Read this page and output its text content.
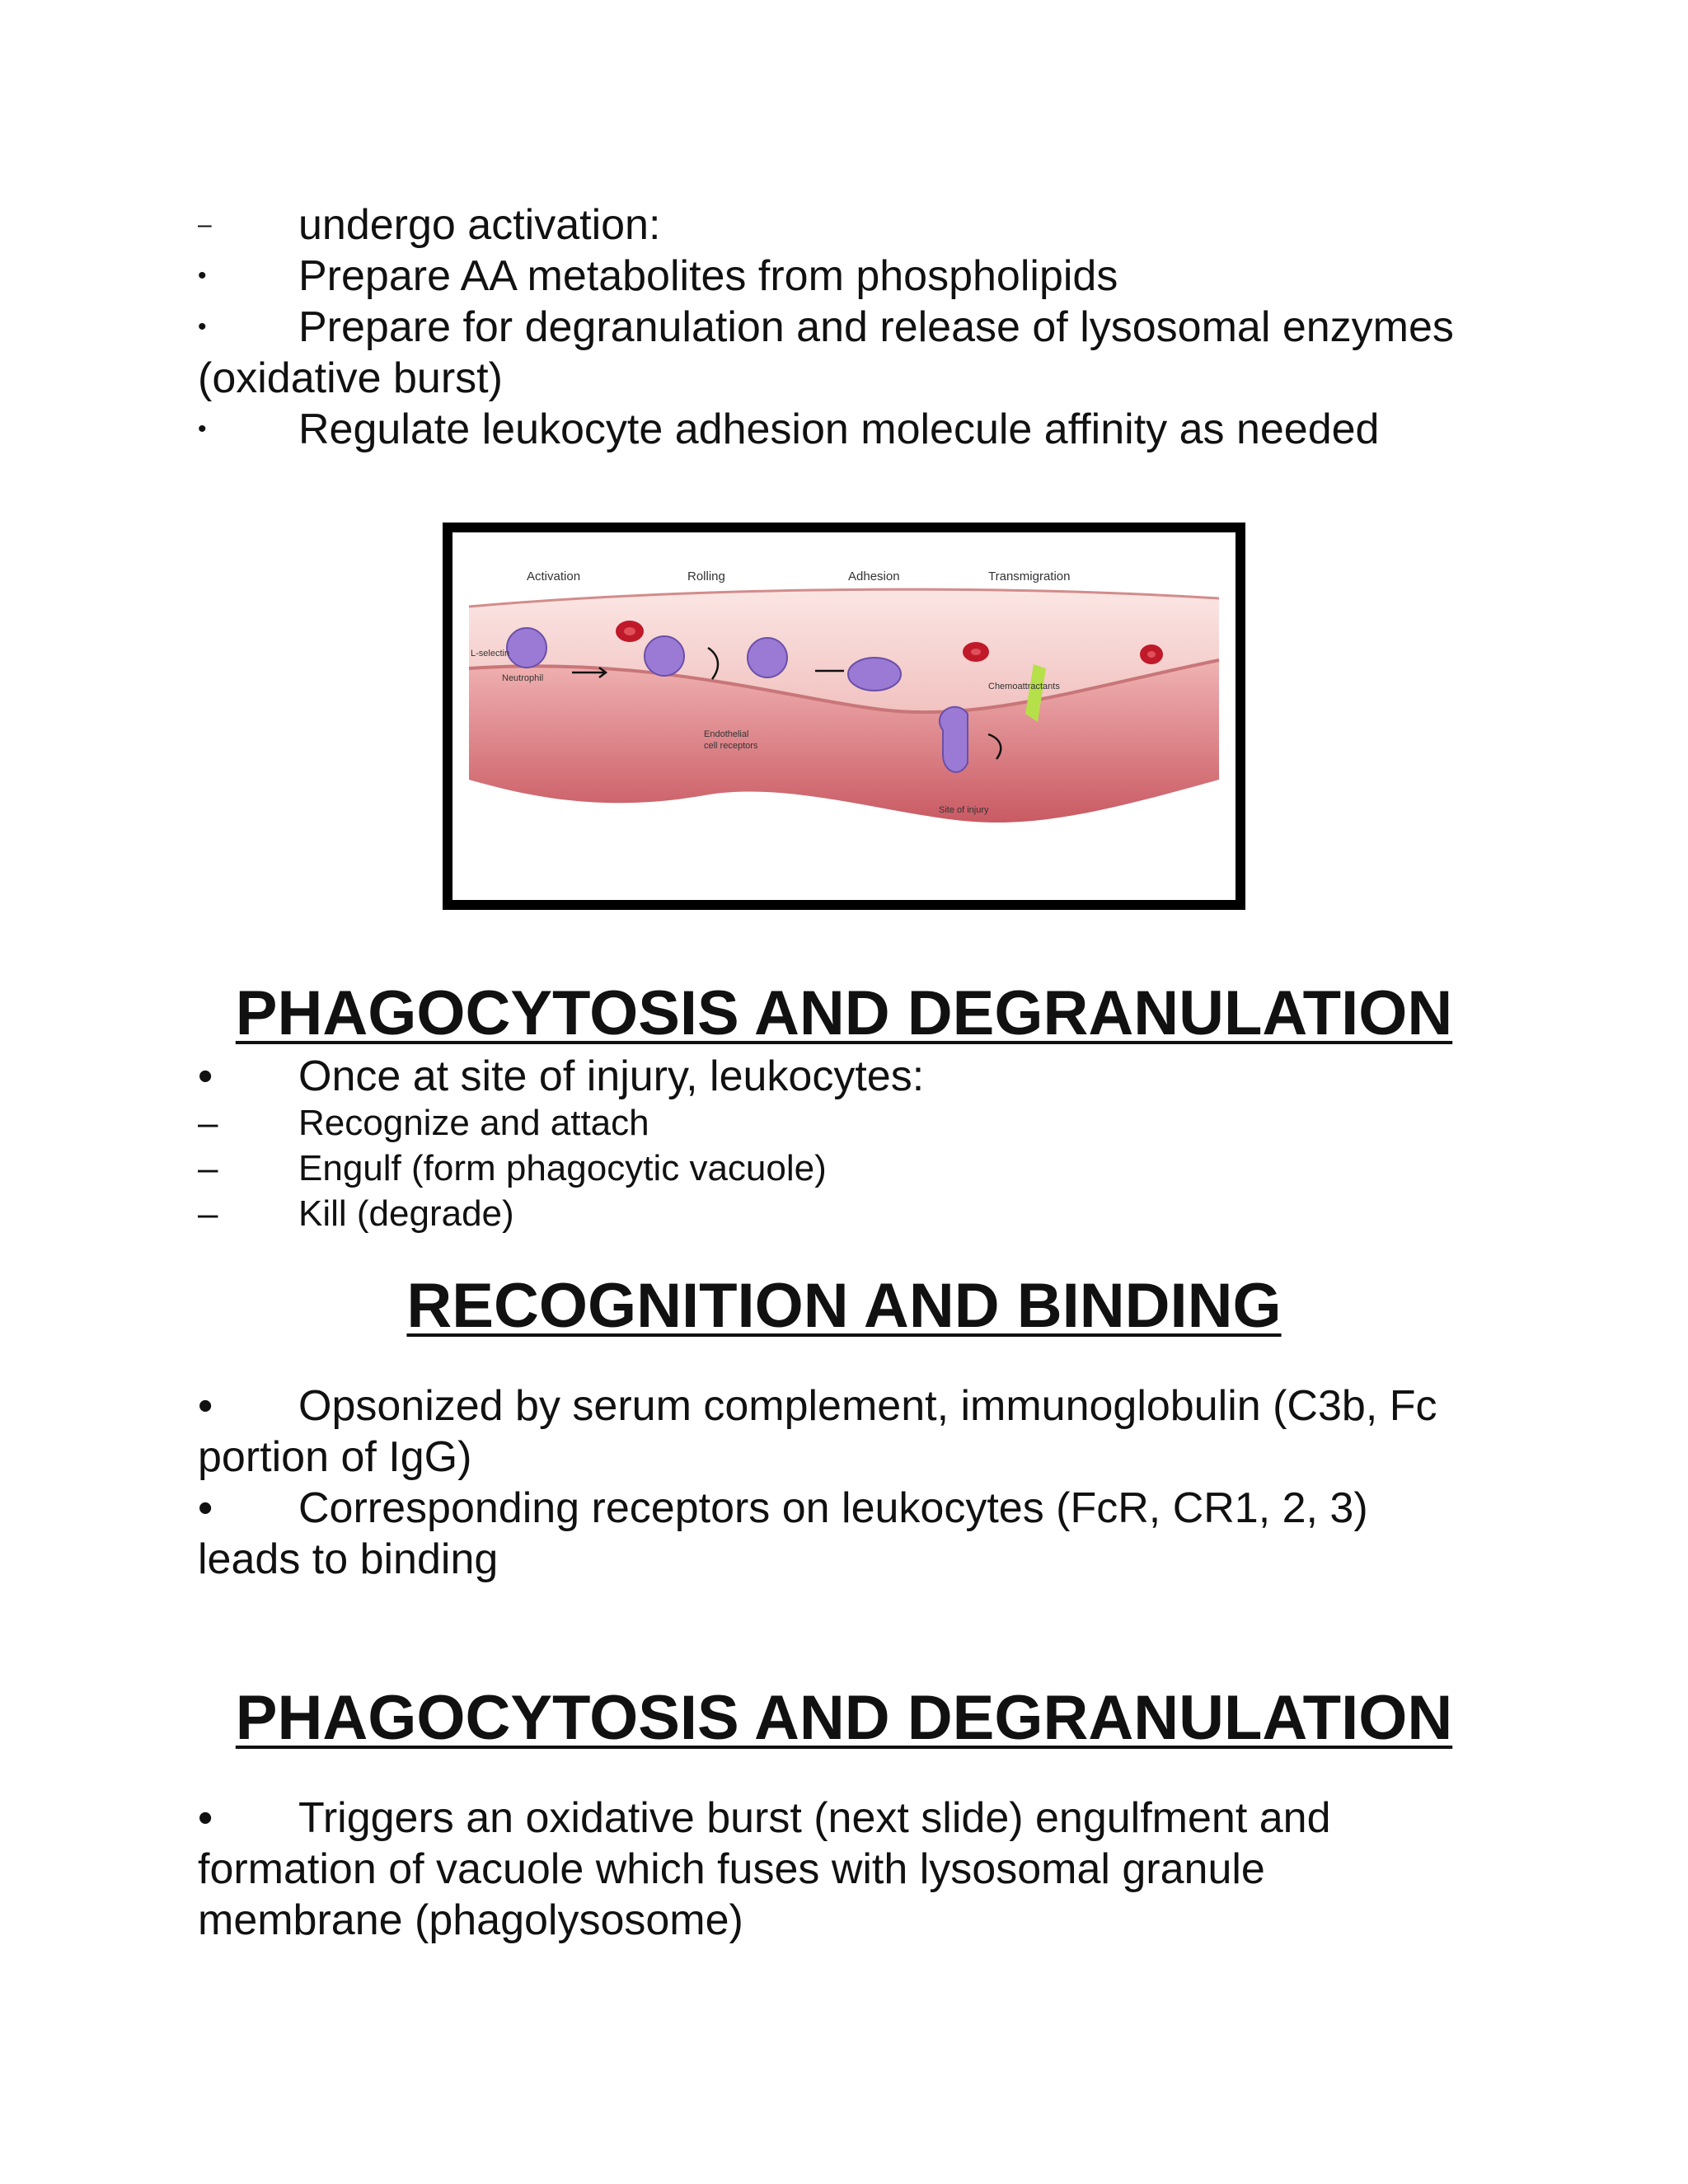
– undergo activation:
• Prepare AA metabolites from phospholipids
• Prepare for degranulation and release of lysosomal enzymes
(oxidative burst)
• Regulate leukocyte adhesion molecule affinity as needed
Activation	Rolling	Adhesion	Transmigration
L-selectin
Neutrophil
Endothelial
cell receptors
Chemoattractants
Site of injury
PHAGOCYTOSIS AND DEGRANULATION
• Once at site of injury, leukocytes:
– Recognize and attach
– Engulf (form phagocytic vacuole)
– Kill (degrade)
RECOGNITION AND BINDING
• Opsonized by serum complement, immunoglobulin (C3b, Fc
portion of IgG)
• Corresponding receptors on leukocytes (FcR, CR1, 2, 3)
leads to binding
PHAGOCYTOSIS AND DEGRANULATION
• Triggers an oxidative burst (next slide) engulfment and
formation of vacuole which fuses with lysosomal granule
membrane (phagolysosome)
